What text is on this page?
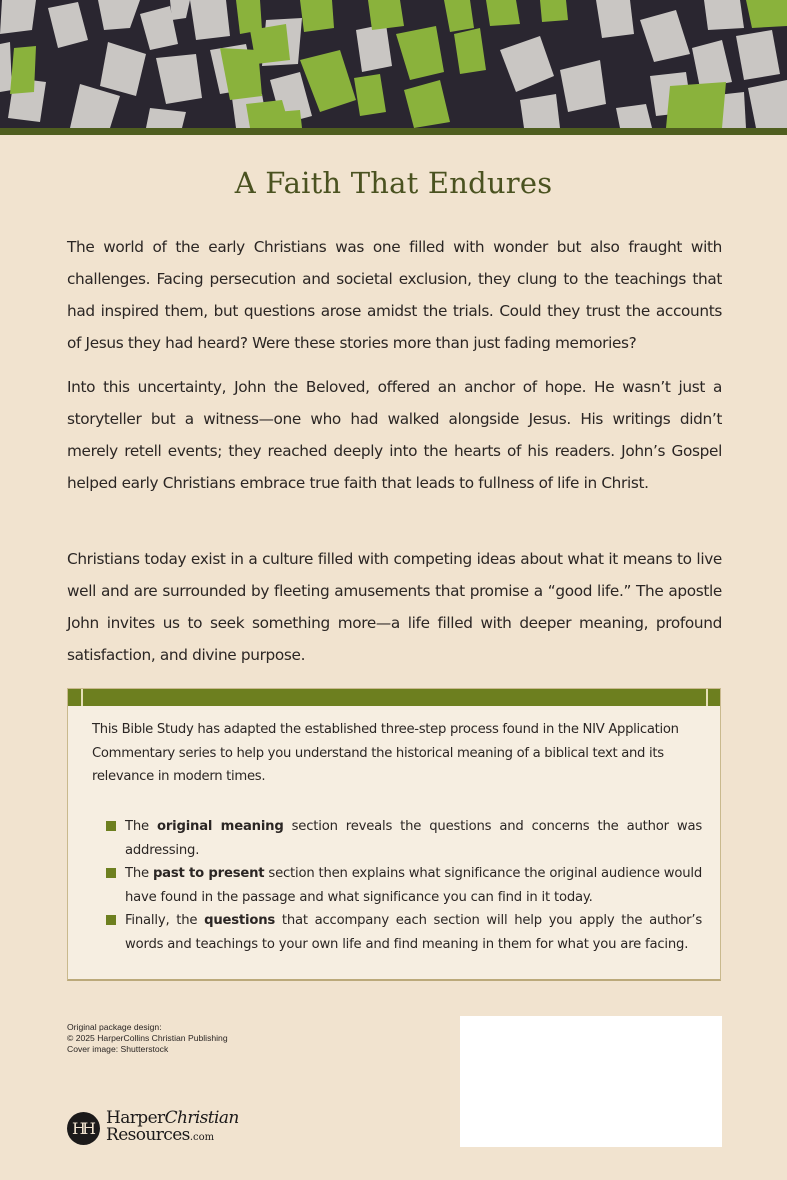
A Faith That Endures

The world of the early Christians was one filled with wonder but also fraught with challenges. Facing persecution and societal exclusion, they clung to the teachings that had inspired them, but questions arose amidst the trials. Could they trust the accounts of Jesus they had heard? Were these stories more than just fading memories?

Into this uncertainty, John the Beloved, offered an anchor of hope. He wasn’t just a storyteller but a witness—one who had walked alongside Jesus. His writings didn’t merely retell events; they reached deeply into the hearts of his readers. John’s Gospel helped early Christians embrace true faith that leads to fullness of life in Christ.

Christians today exist in a culture filled with competing ideas about what it means to live well and are surrounded by fleeting amusements that promise a “good life.” The apostle John invites us to seek something more—a life filled with deeper meaning, profound satisfaction, and divine purpose.

This Bible Study has adapted the established three-step process found in the NIV Application Commentary series to help you understand the historical meaning of a biblical text and its relevance in modern times.

The original meaning section reveals the questions and concerns the author was addressing.
The past to present section then explains what significance the original audience would have found in the passage and what significance you can find in it today.
Finally, the questions that accompany each section will help you apply the author’s words and teachings to your own life and find meaning in them for what you are facing.
Original package design:
© 2025 HarperCollins Christian Publishing
Cover image: Shutterstock
HH HarperChristian
Resources.com
